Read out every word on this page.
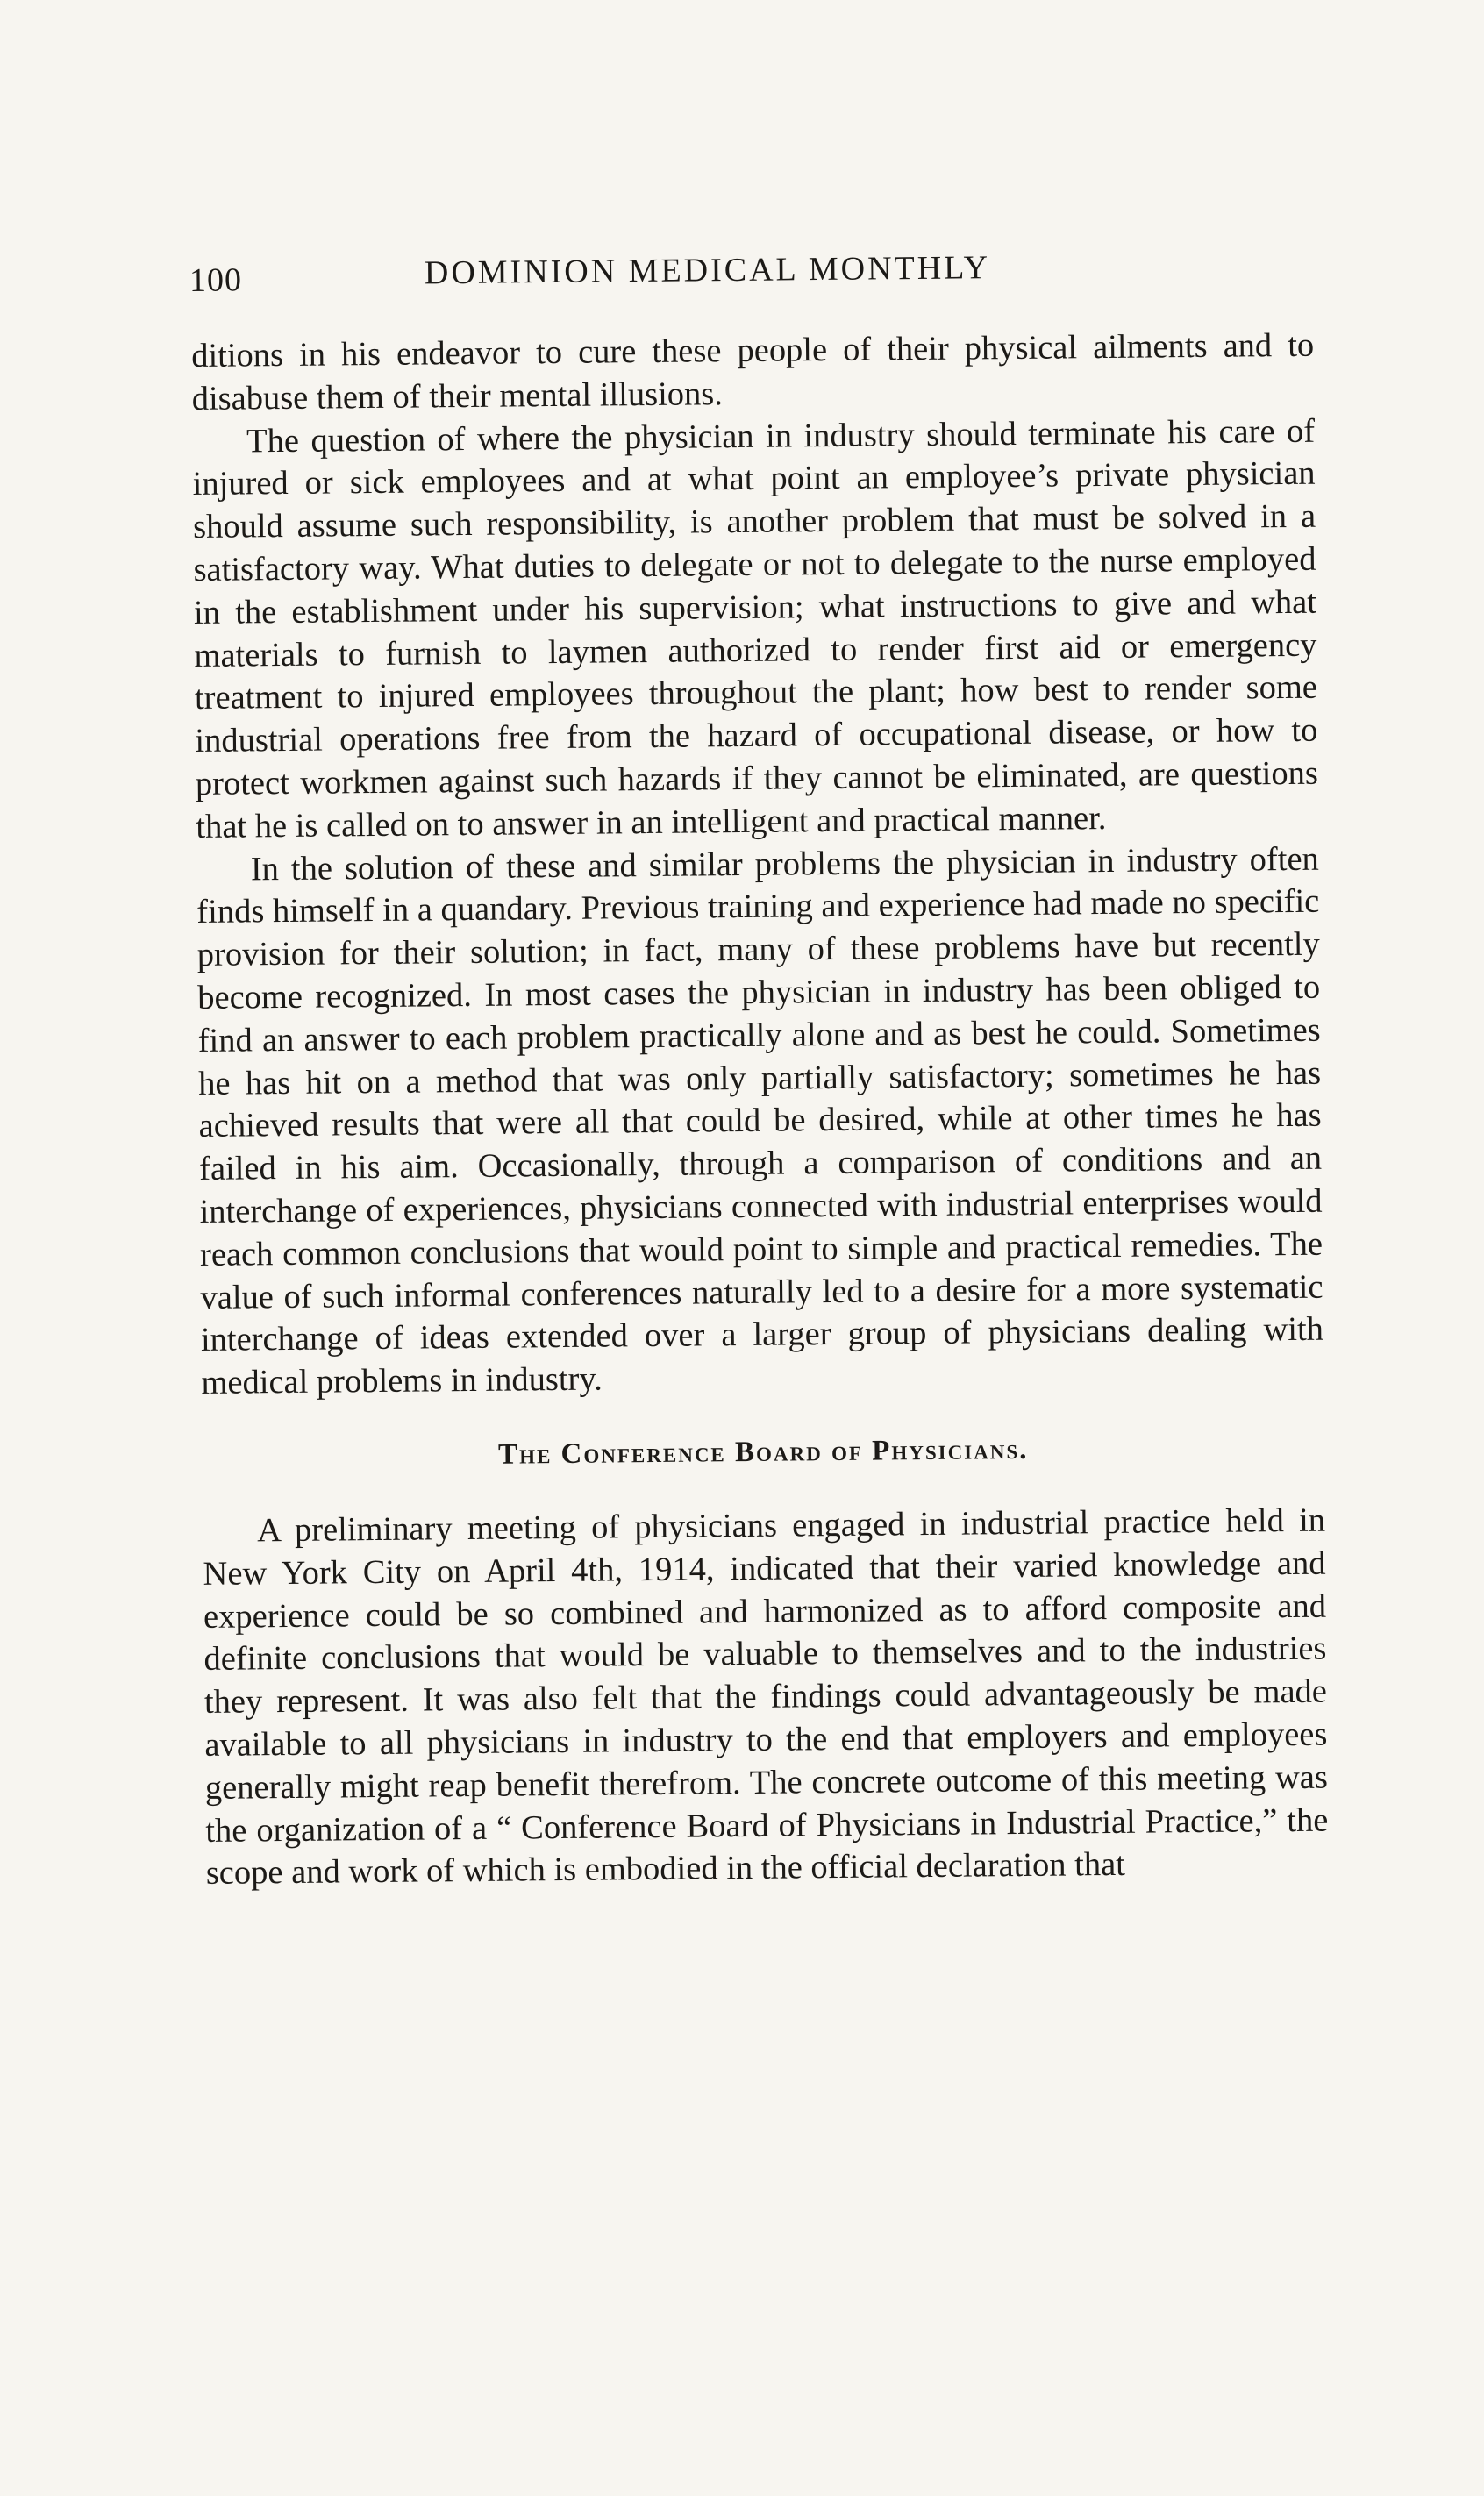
100	DOMINION MEDICAL MONTHLY

ditions in his endeavor to cure these people of their physical ailments and to disabuse them of their mental illusions.

The question of where the physician in industry should terminate his care of injured or sick employees and at what point an employee’s private physician should assume such responsibility, is another problem that must be solved in a satisfactory way. What duties to delegate or not to delegate to the nurse employed in the establishment under his supervision; what instructions to give and what materials to furnish to laymen authorized to render first aid or emergency treatment to injured employees throughout the plant; how best to render some industrial operations free from the hazard of occupational disease, or how to protect workmen against such hazards if they cannot be eliminated, are questions that he is called on to answer in an intelligent and practical manner.

In the solution of these and similar problems the physician in industry often finds himself in a quandary. Previous training and experience had made no specific provision for their solution; in fact, many of these problems have but recently become recognized. In most cases the physician in industry has been obliged to find an answer to each problem practically alone and as best he could. Sometimes he has hit on a method that was only partially satisfactory; sometimes he has achieved results that were all that could be desired, while at other times he has failed in his aim. Occasionally, through a comparison of conditions and an interchange of experiences, physicians connected with industrial enterprises would reach common conclusions that would point to simple and practical remedies. The value of such informal conferences naturally led to a desire for a more systematic interchange of ideas extended over a larger group of physicians dealing with medical problems in industry.

The Conference Board of Physicians.

A preliminary meeting of physicians engaged in industrial practice held in New York City on April 4th, 1914, indicated that their varied knowledge and experience could be so combined and harmonized as to afford composite and definite conclusions that would be valuable to themselves and to the industries they represent. It was also felt that the findings could advantageously be made available to all physicians in industry to the end that employers and employees generally might reap benefit therefrom. The concrete outcome of this meeting was the organization of a “ Conference Board of Physicians in Industrial Practice,” the scope and work of which is embodied in the official declaration that
